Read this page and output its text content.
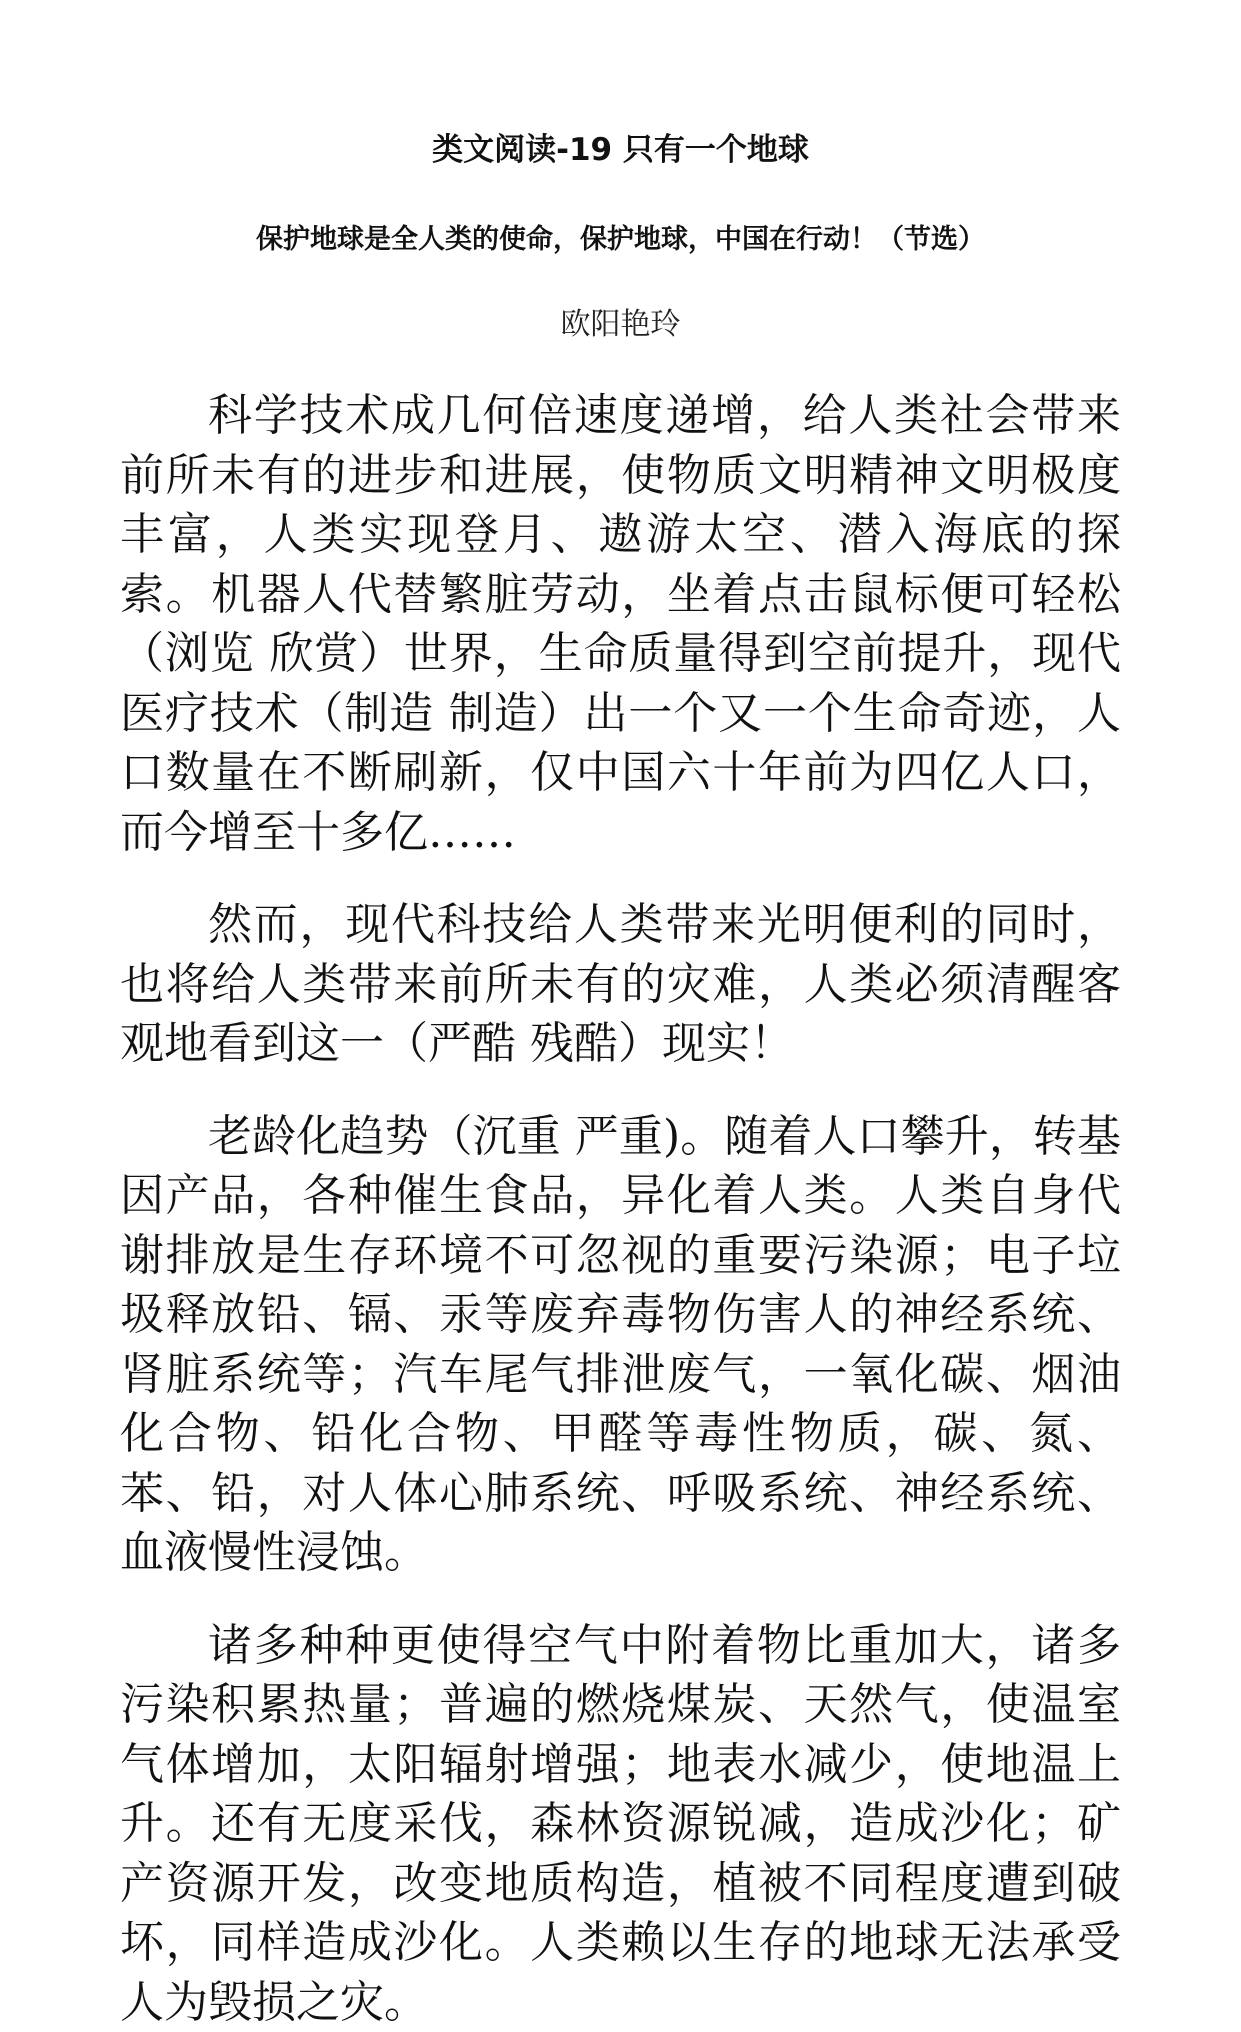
类文阅读-19 只有一个地球
保护地球是全人类的使命，保护地球，中国在行动！（节选）
欧阳艳玲

科学技术成几何倍速度递增，给人类社会带来前所未有的进步和进展，使物质文明精神文明极度丰富，人类实现登月、遨游太空、潜入海底的探索。机器人代替繁脏劳动，坐着点击鼠标便可轻松（浏览 欣赏）世界，生命质量得到空前提升，现代医疗技术（制造 制造）出一个又一个生命奇迹，人口数量在不断刷新，仅中国六十年前为四亿人口，而今增至十多亿……

然而，现代科技给人类带来光明便利的同时，也将给人类带来前所未有的灾难，人类必须清醒客观地看到这一（严酷 残酷）现实！

老龄化趋势（沉重 严重)。随着人口攀升，转基因产品，各种催生食品，异化着人类。人类自身代谢排放是生存环境不可忽视的重要污染源；电子垃圾释放铅、镉、汞等废弃毒物伤害人的神经系统、肾脏系统等；汽车尾气排泄废气，一氧化碳、烟油化合物、铅化合物、甲醛等毒性物质，碳、氮、苯、铅，对人体心肺系统、呼吸系统、神经系统、血液慢性浸蚀。

诸多种种更使得空气中附着物比重加大，诸多污染积累热量；普遍的燃烧煤炭、天然气，使温室气体增加，太阳辐射增强；地表水减少，使地温上升。还有无度采伐，森林资源锐减，造成沙化；矿产资源开发，改变地质构造，植被不同程度遭到破坏，同样造成沙化。人类赖以生存的地球无法承受人为毁损之灾。
